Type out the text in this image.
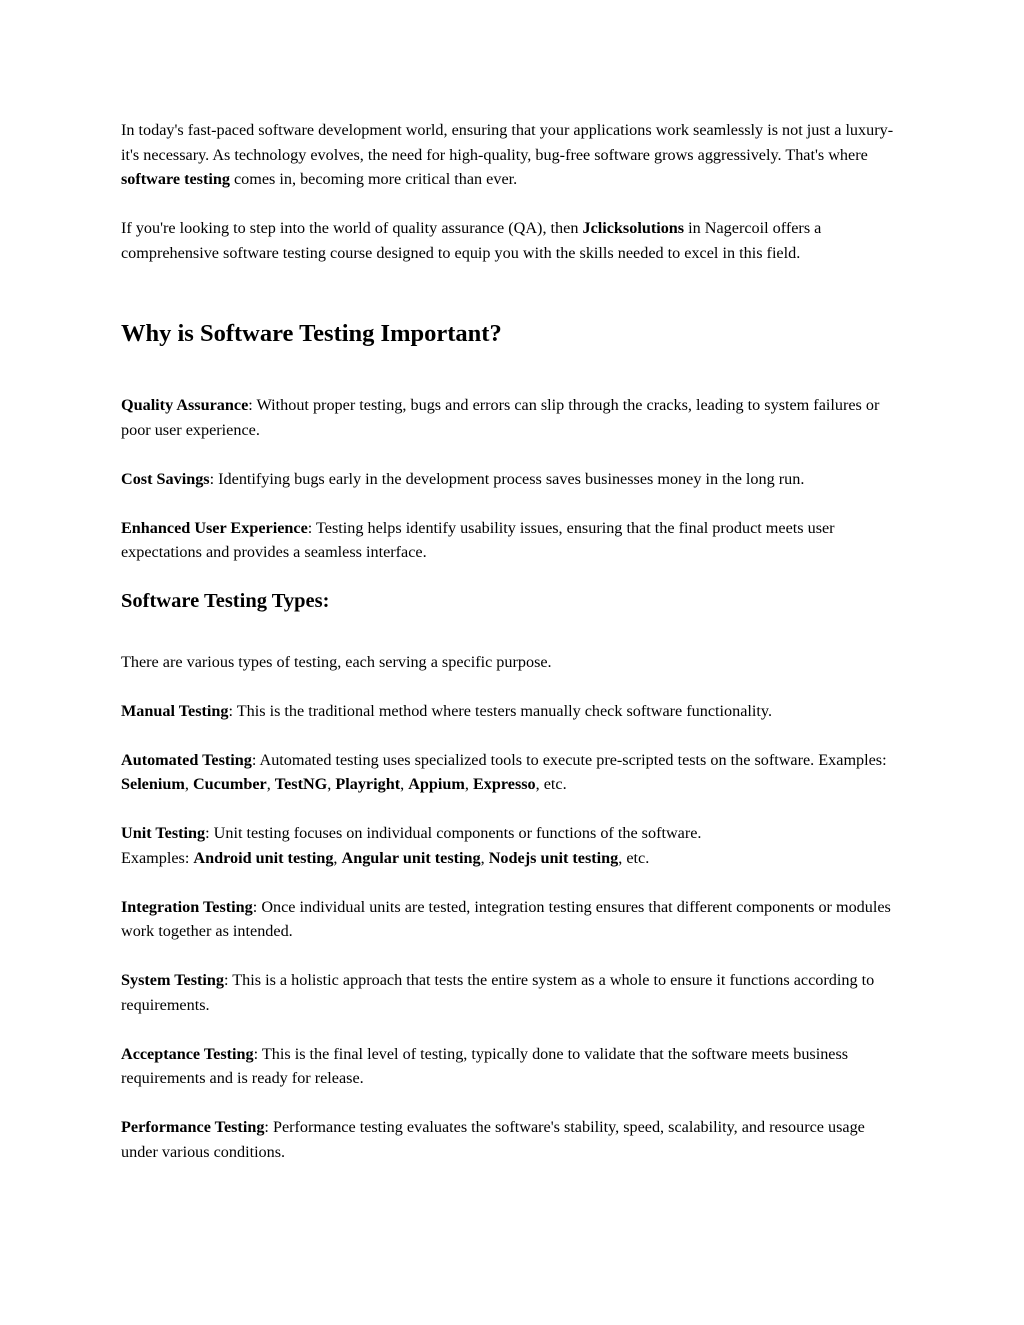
In today's fast-paced software development world, ensuring that your applications work seamlessly is not just a luxury-it's necessary. As technology evolves, the need for high-quality, bug-free software grows aggressively. That's where software testing comes in, becoming more critical than ever.

If you're looking to step into the world of quality assurance (QA), then Jclicksolutions in Nagercoil offers a comprehensive software testing course designed to equip you with the skills needed to excel in this field.

Why is Software Testing Important?

Quality Assurance: Without proper testing, bugs and errors can slip through the cracks, leading to system failures or poor user experience.

Cost Savings: Identifying bugs early in the development process saves businesses money in the long run.

Enhanced User Experience: Testing helps identify usability issues, ensuring that the final product meets user expectations and provides a seamless interface.

Software Testing Types:

There are various types of testing, each serving a specific purpose.

Manual Testing: This is the traditional method where testers manually check software functionality.

Automated Testing: Automated testing uses specialized tools to execute pre-scripted tests on the software. Examples: Selenium, Cucumber, TestNG, Playright, Appium, Expresso, etc.

Unit Testing: Unit testing focuses on individual components or functions of the software.
Examples: Android unit testing, Angular unit testing, Nodejs unit testing, etc.

Integration Testing: Once individual units are tested, integration testing ensures that different components or modules work together as intended.

System Testing: This is a holistic approach that tests the entire system as a whole to ensure it functions according to requirements.

Acceptance Testing: This is the final level of testing, typically done to validate that the software meets business requirements and is ready for release.

Performance Testing: Performance testing evaluates the software's stability, speed, scalability, and resource usage under various conditions.
